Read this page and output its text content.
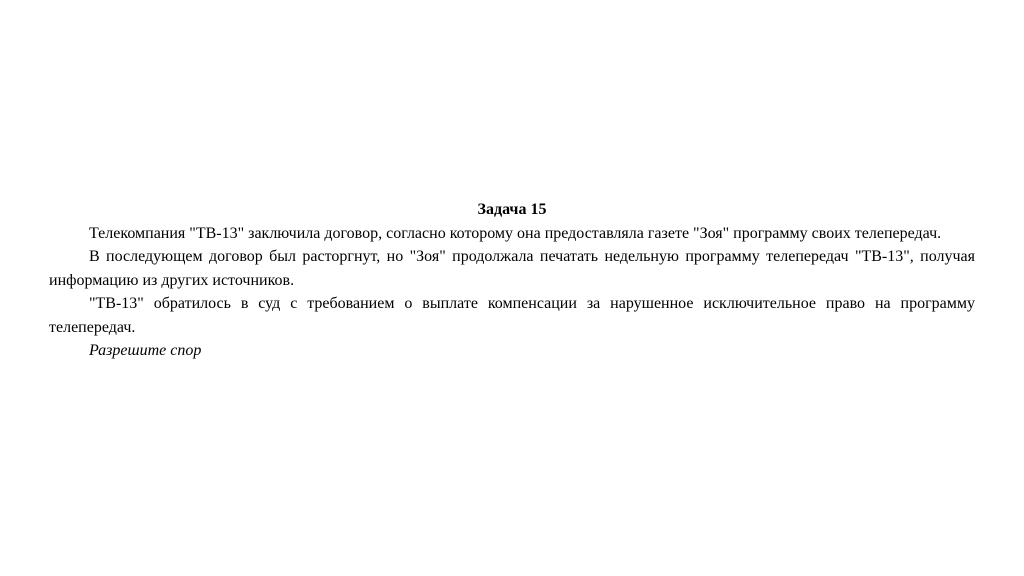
Задача 15

Телекомпания "ТВ-13" заключила договор, согласно которому она предоставляла газете "Зоя" программу своих телепередач.

В последующем договор был расторгнут, но "Зоя" продолжала печатать недельную программу телепередач "ТВ-13", получая информацию из других источников.

"ТВ-13" обратилось в суд с требованием о выплате компенсации за нарушенное исключительное право на программу телепередач.

Разрешите спор
